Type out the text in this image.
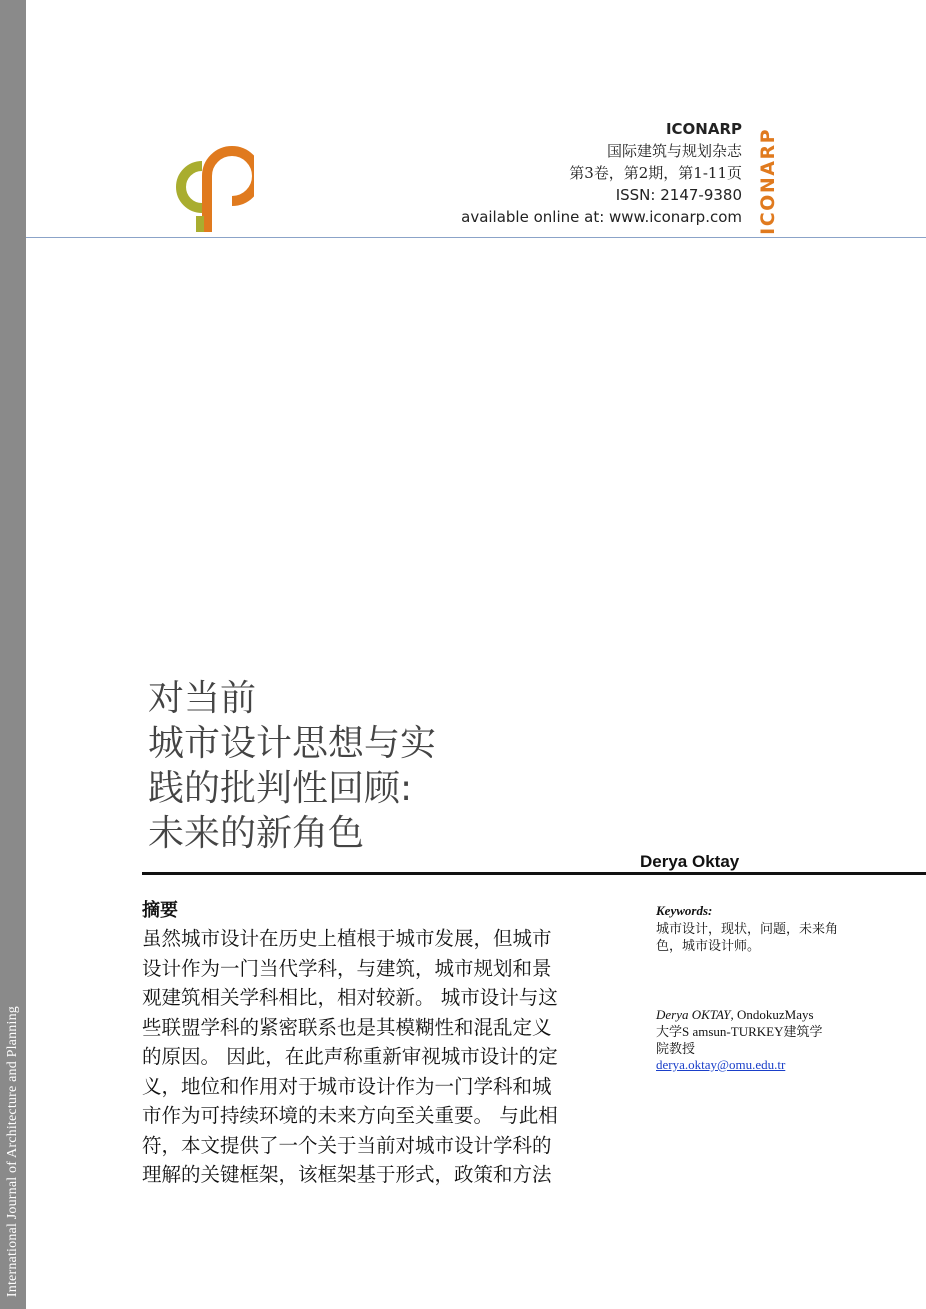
International Journal of Architecture and Planning
ICONARP
国际建筑与规划杂志
第3卷，第2期，第1-11页
ISSN: 2147-9380
available online at: www.iconarp.com ICONARP
对当前
城市设计思想与实
践的批判性回顾:
未来的新角色
Derya Oktay
摘要
虽然城市设计在历史上植根于城市发展，但城市
设计作为一门当代学科，与建筑，城市规划和景
观建筑相关学科相比，相对较新。 城市设计与这
些联盟学科的紧密联系也是其模糊性和混乱定义
的原因。 因此，在此声称重新审视城市设计的定
义，地位和作用对于城市设计作为一门学科和城
市作为可持续环境的未来方向至关重要。 与此相
符，本文提供了一个关于当前对城市设计学科的
理解的关键框架，该框架基于形式，政策和方法
Keywords:
城市设计，现状，问题，未来角
色，城市设计师。
Derya OKTAY, OndokuzMays
大学S amsun-TURKEY建筑学
院教授
derya.oktay@omu.edu.tr
